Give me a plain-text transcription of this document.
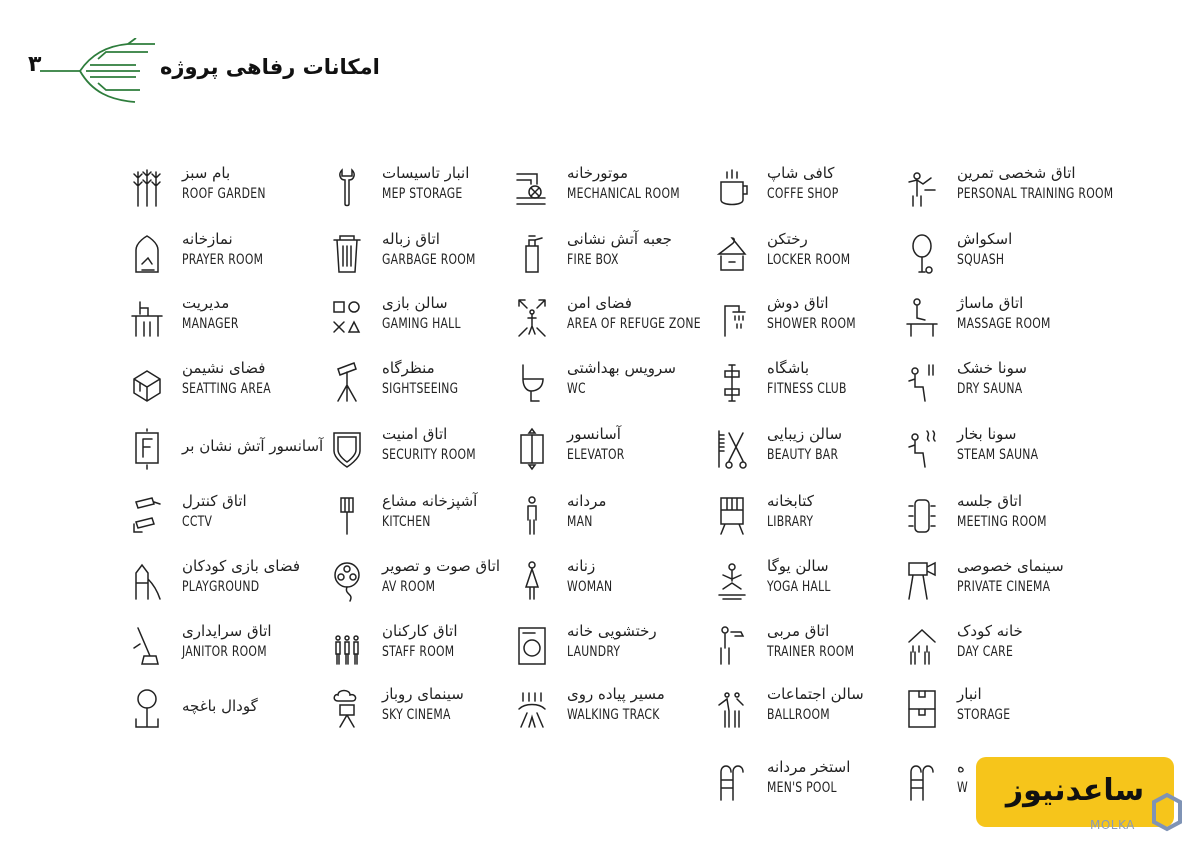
۳	امکانات رفاهی پروژه
بام سبز
ROOF GARDEN
انبار تاسیسات
MEP STORAGE
موتورخانه
MECHANICAL ROOM
کافی شاپ
COFFE SHOP
اتاق شخصی تمرین
PERSONAL TRAINING ROOM
نمازخانه
PRAYER ROOM
اتاق زباله
GARBAGE ROOM
جعبه آتش نشانی
FIRE BOX
رختکن
LOCKER ROOM
اسکواش
SQUASH
مدیریت
MANAGER
سالن بازی
GAMING HALL
فضای امن
AREA OF REFUGE ZONE
اتاق دوش
SHOWER ROOM
اتاق ماساژ
MASSAGE ROOM
فضای نشیمن
SEATTING AREA
منظرگاه
SIGHTSEEING
سرویس بهداشتی
WC
باشگاه
FITNESS CLUB
سونا خشک
DRY SAUNA
آسانسور آتش نشان بر
اتاق امنیت
SECURITY ROOM
آسانسور
ELEVATOR
سالن زیبایی
BEAUTY BAR
سونا بخار
STEAM SAUNA
اتاق کنترل
CCTV
آشپزخانه مشاع
KITCHEN
مردانه
MAN
کتابخانه
LIBRARY
اتاق جلسه
MEETING ROOM
فضای بازی کودکان
PLAYGROUND
اتاق صوت و تصویر
AV ROOM
زنانه
WOMAN
سالن یوگا
YOGA HALL
سینمای خصوصی
PRIVATE CINEMA
اتاق سرایداری
JANITOR ROOM
اتاق کارکنان
STAFF ROOM
رختشویی خانه
LAUNDRY
اتاق مربی
TRAINER ROOM
خانه کودک
DAY CARE
گودال باغچه
سینمای روباز
SKY CINEMA
مسیر پیاده روی
WALKING TRACK
سالن اجتماعات
BALLROOM
انبار
STORAGE
استخر مردانه
MEN'S POOL
ه
W	ساعدنیوز
MOLKA
